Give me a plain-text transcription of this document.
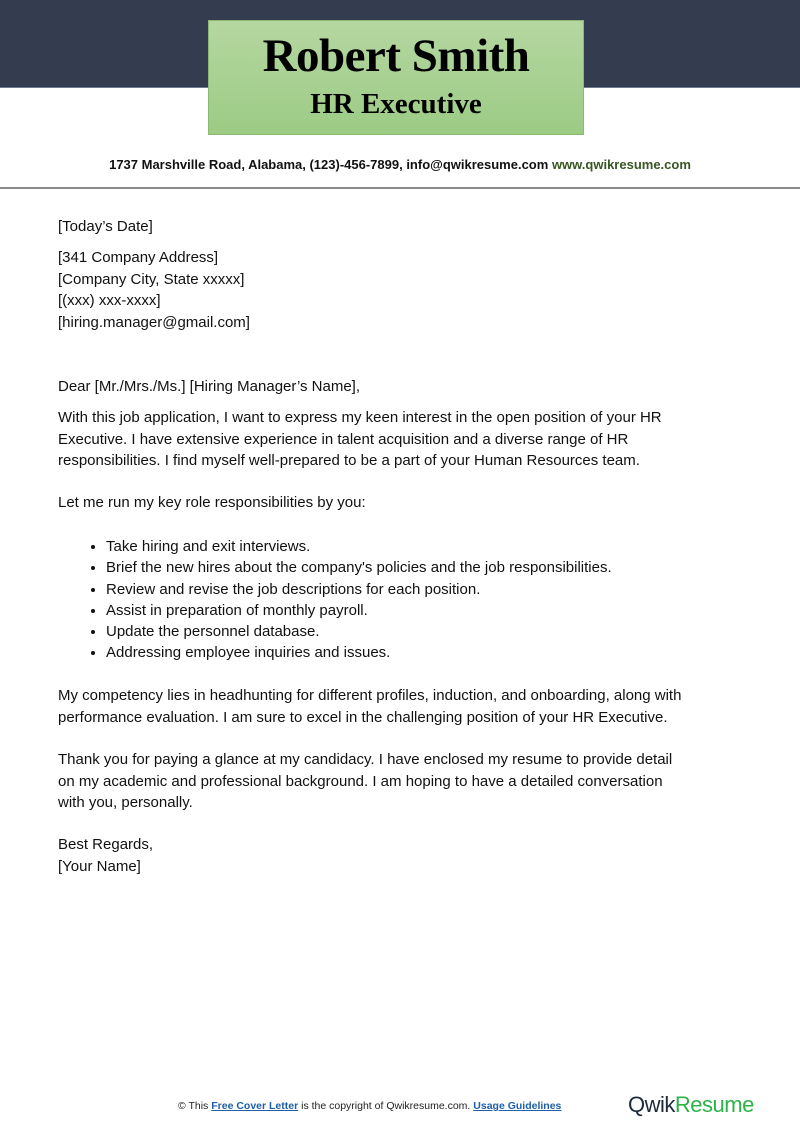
Robert Smith
HR Executive
1737 Marshville Road, Alabama, (123)-456-7899, info@qwikresume.com www.qwikresume.com
[Today’s Date]
[341 Company Address]
[Company City, State xxxxx]
[(xxx) xxx-xxxx]
[hiring.manager@gmail.com]
Dear [Mr./Mrs./Ms.] [Hiring Manager’s Name],
With this job application, I want to express my keen interest in the open position of your HR
Executive. I have extensive experience in talent acquisition and a diverse range of HR
responsibilities. I find myself well-prepared to be a part of your Human Resources team.
Let me run my key role responsibilities by you:
• Take hiring and exit interviews.
• Brief the new hires about the company's policies and the job responsibilities.
• Review and revise the job descriptions for each position.
• Assist in preparation of monthly payroll.
• Update the personnel database.
• Addressing employee inquiries and issues.
My competency lies in headhunting for different profiles, induction, and onboarding, along with
performance evaluation. I am sure to excel in the challenging position of your HR Executive.
Thank you for paying a glance at my candidacy. I have enclosed my resume to provide detail
on my academic and professional background. I am hoping to have a detailed conversation
with you, personally.
Best Regards,
[Your Name]
© This Free Cover Letter is the copyright of Qwikresume.com. Usage Guidelines	QwikResume
